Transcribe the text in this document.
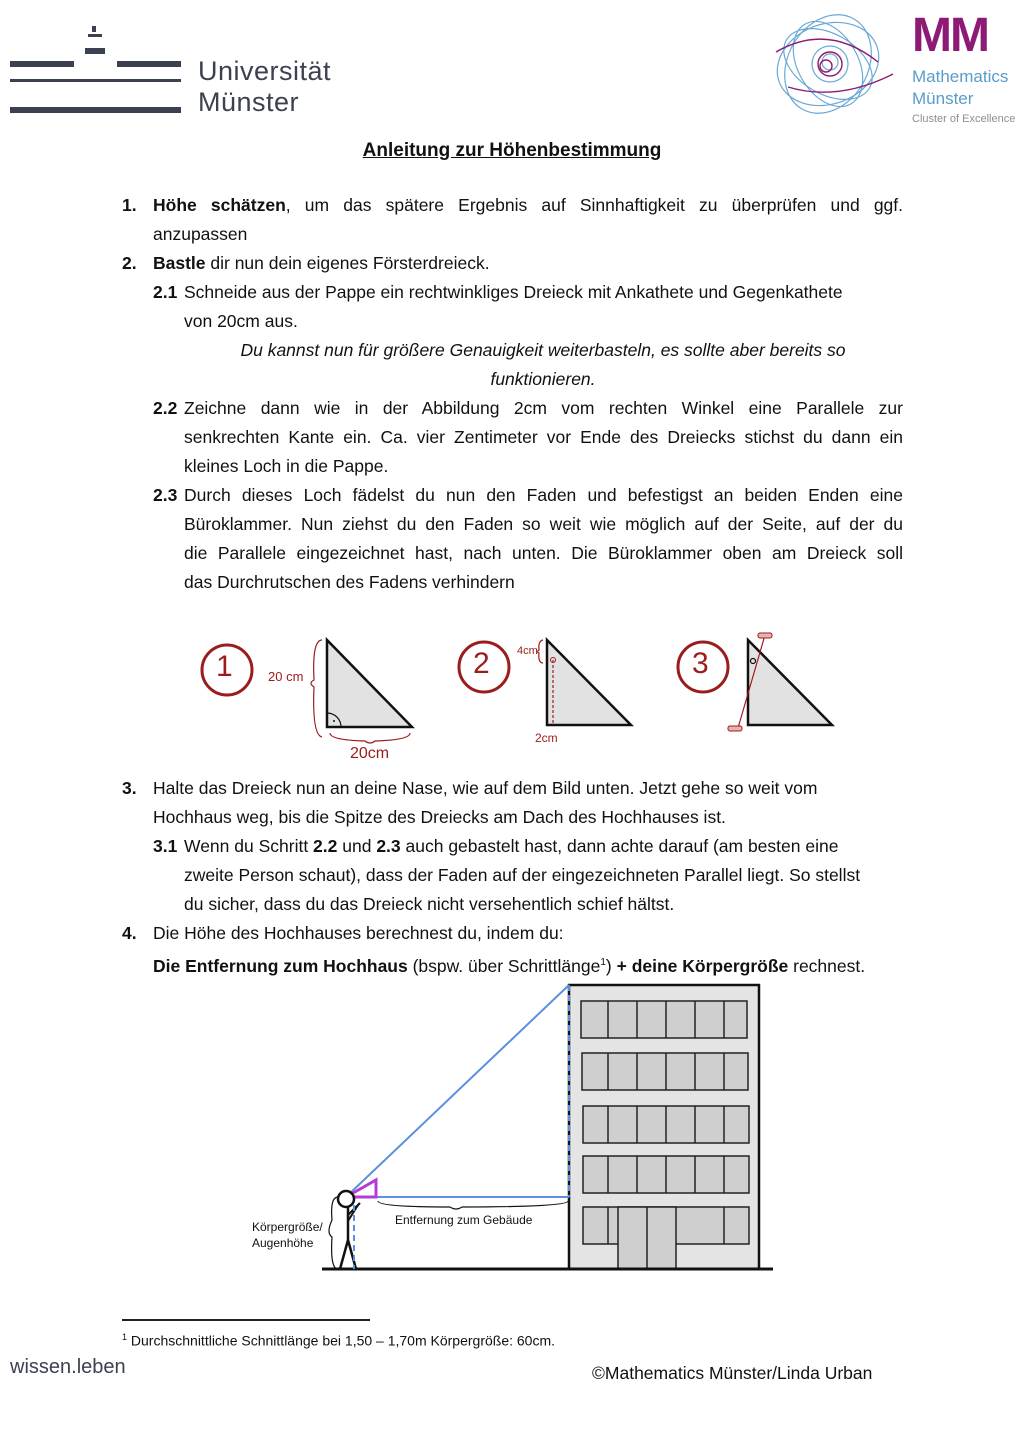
Universität
Münster
MM
Mathematics
Münster
Cluster of Excellence
Anleitung zur Höhenbestimmung
1. Höhe schätzen, um das spätere Ergebnis auf Sinnhaftigkeit zu überprüfen und ggf.
anzupassen
2. Bastle dir nun dein eigenes Försterdreieck.
2.1 Schneide aus der Pappe ein rechtwinkliges Dreieck mit Ankathete und Gegenkathete
von 20cm aus.
Du kannst nun für größere Genauigkeit weiterbasteln, es sollte aber bereits so
funktionieren.
2.2 Zeichne dann wie in der Abbildung 2cm vom rechten Winkel eine Parallele zur
senkrechten Kante ein. Ca. vier Zentimeter vor Ende des Dreiecks stichst du dann ein
kleines Loch in die Pappe.
2.3 Durch dieses Loch fädelst du nun den Faden und befestigst an beiden Enden eine
Büroklammer. Nun ziehst du den Faden so weit wie möglich auf der Seite, auf der du
die Parallele eingezeichnet hast, nach unten. Die Büroklammer oben am Dreieck soll
das Durchrutschen des Fadens verhindern
1	2	3
20 cm
20cm
4cm
2cm
3. Halte das Dreieck nun an deine Nase, wie auf dem Bild unten. Jetzt gehe so weit vom
Hochhaus weg, bis die Spitze des Dreiecks am Dach des Hochhauses ist.
3.1 Wenn du Schritt 2.2 und 2.3 auch gebastelt hast, dann achte darauf (am besten eine
zweite Person schaut), dass der Faden auf der eingezeichneten Parallel liegt. So stellst
du sicher, dass du das Dreieck nicht versehentlich schief hältst.
4. Die Höhe des Hochhauses berechnest du, indem du:
Die Entfernung zum Hochhaus (bspw. über Schrittlänge$^1$) + deine Körpergröße rechnest.
Körpergröße/
Augenhöhe
Entfernung zum Gebäude
$^1$ Durchschnittliche Schnittlänge bei 1,50 – 1,70m Körpergröße: 60cm.
wissen.leben	©Mathematics Münster/Linda Urban
